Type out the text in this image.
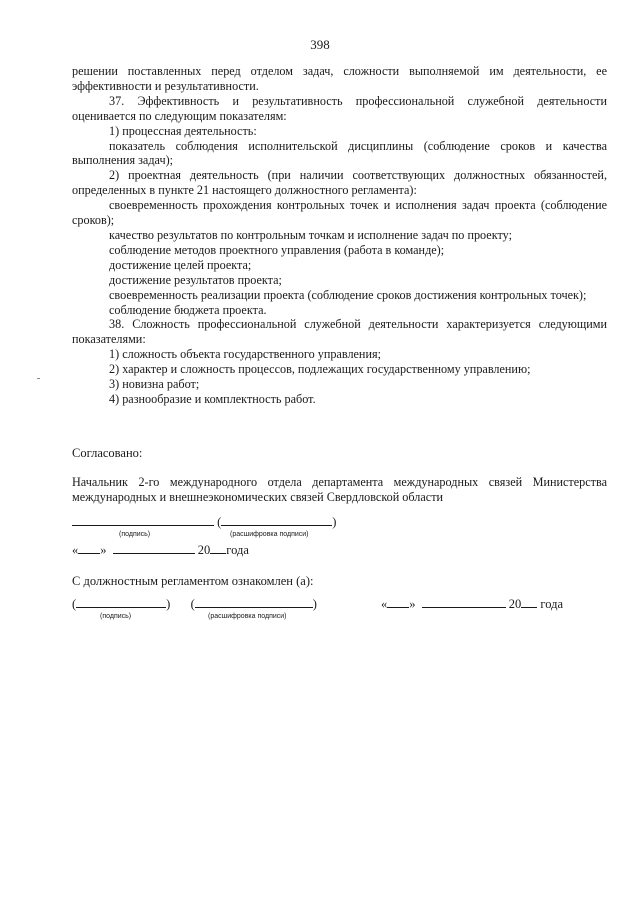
398

решении поставленных перед отделом задач, сложности выполняемой им деятельности, ее эффективности и результативности.

37. Эффективность и результативность профессиональной служебной деятельности оценивается по следующим показателям:

1) процессная деятельность:

показатель соблюдения исполнительской дисциплины (соблюдение сроков и качества выполнения задач);

2) проектная деятельность (при наличии соответствующих должностных обязанностей, определенных в пункте 21 настоящего должностного регламента):

своевременность прохождения контрольных точек и исполнения задач проекта (соблюдение сроков);

качество результатов по контрольным точкам и исполнение задач по проекту;

соблюдение методов проектного управления (работа в команде);

достижение целей проекта;

достижение результатов проекта;

своевременность реализации проекта (соблюдение сроков достижения контрольных точек);

соблюдение бюджета проекта.

38. Сложность профессиональной служебной деятельности характеризуется следующими показателями:

1) сложность объекта государственного управления;

2) характер и сложность процессов, подлежащих государственному управлению;

3) новизна работ;

4) разнообразие и комплектность работ.

Согласовано:
Начальник 2-го международного отдела департамента международных связей Министерства международных и внешнеэкономических связей Свердловской области
(	)
(подпись)	(расшифровка подписи)
« »	20 года
С должностным регламентом ознакомлен (а):
(	) (	)
(подпись)	(расшифровка подписи)
« »	20 года
